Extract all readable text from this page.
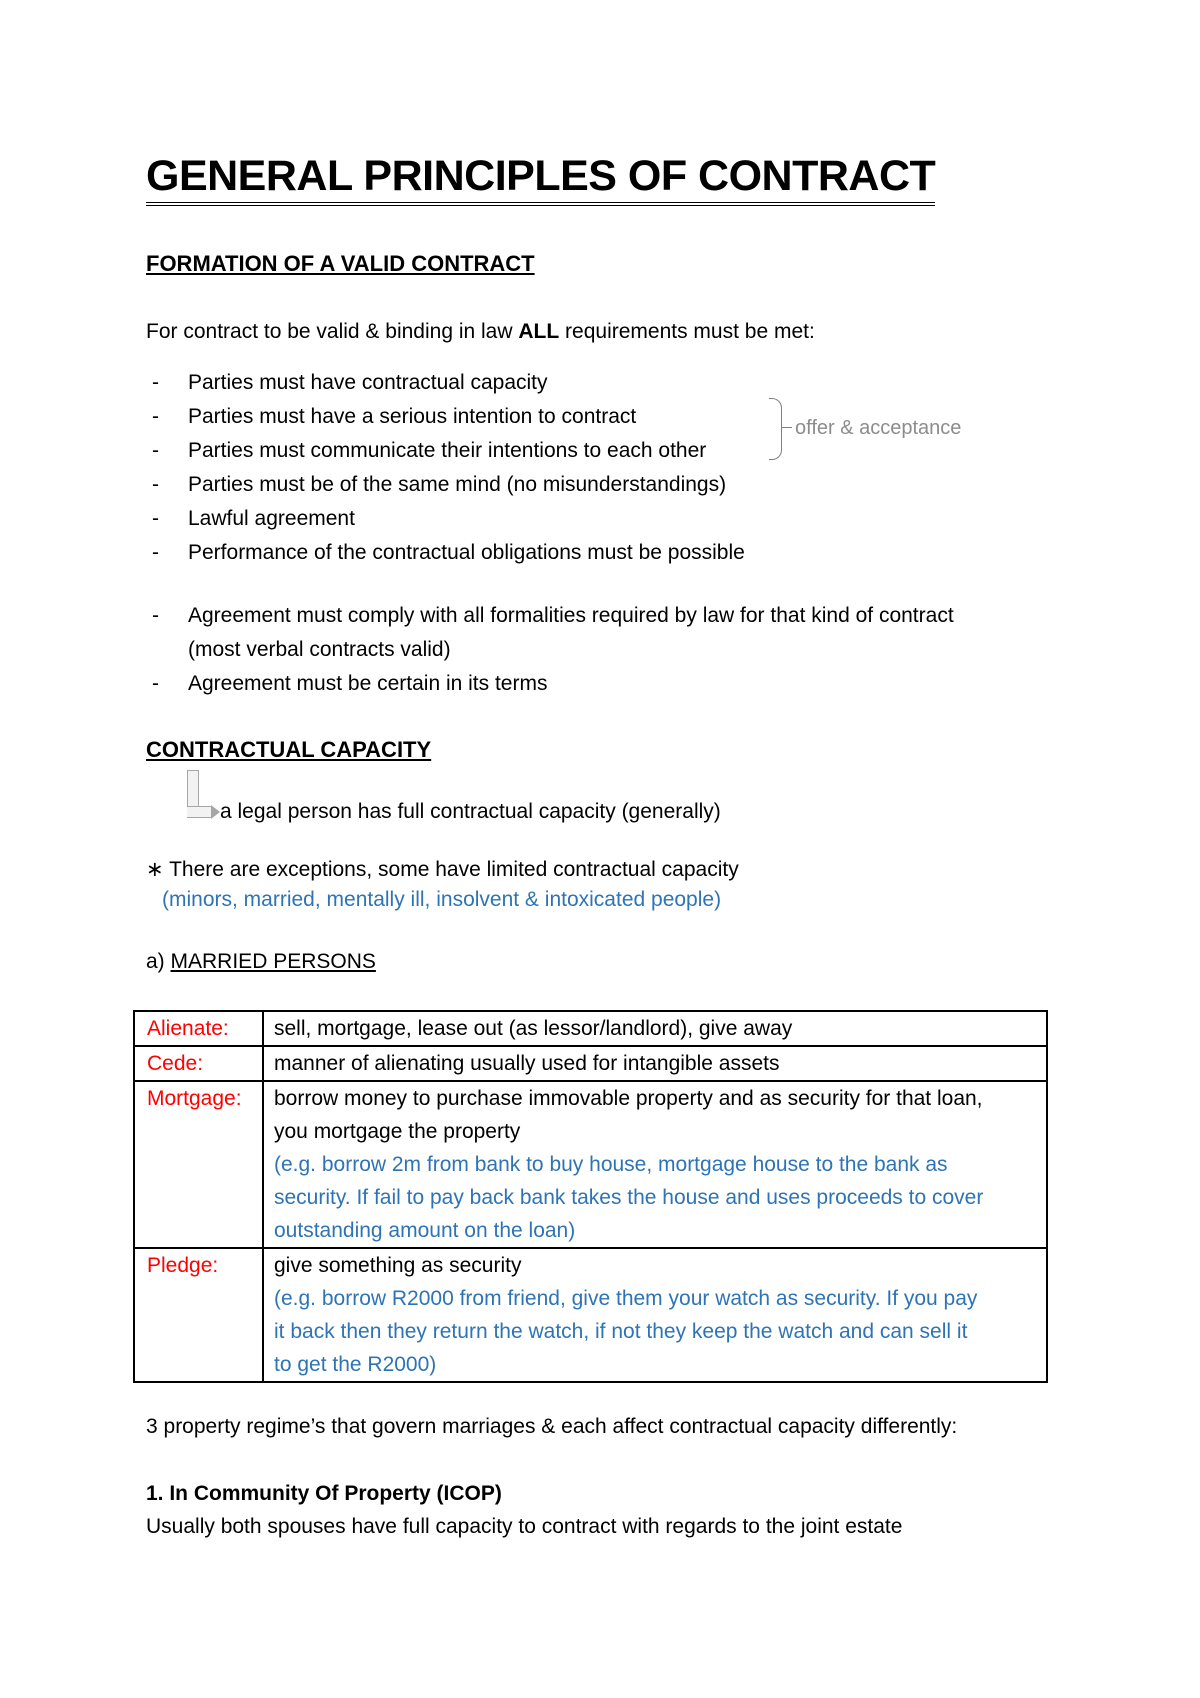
GENERAL PRINCIPLES OF CONTRACT
FORMATION OF A VALID CONTRACT
For contract to be valid & binding in law ALL requirements must be met:
- Parties must have contractual capacity
- Parties must have a serious intention to contract
- Parties must communicate their intentions to each other
- Parties must be of the same mind (no misunderstandings)
- Lawful agreement
- Performance of the contractual obligations must be possible
offer & acceptance
- Agreement must comply with all formalities required by law for that kind of contract
(most verbal contracts valid)
- Agreement must be certain in its terms
CONTRACTUAL CAPACITY
a legal person has full contractual capacity (generally)
∗ There are exceptions, some have limited contractual capacity
(minors, married, mentally ill, insolvent & intoxicated people)
a) MARRIED PERSONS
Alienate:	sell, mortgage, lease out (as lessor/landlord), give away

Cede:	manner of alienating usually used for intangible assets

Mortgage:	borrow money to purchase immovable property and as security for that loan,
you mortgage the property
(e.g. borrow 2m from bank to buy house, mortgage house to the bank as
security. If fail to pay back bank takes the house and uses proceeds to cover
outstanding amount on the loan)

Pledge:	give something as security
(e.g. borrow R2000 from friend, give them your watch as security. If you pay
it back then they return the watch, if not they keep the watch and can sell it
to get the R2000)
3 property regime’s that govern marriages & each affect contractual capacity differently:
1. In Community Of Property (ICOP)
Usually both spouses have full capacity to contract with regards to the joint estate
